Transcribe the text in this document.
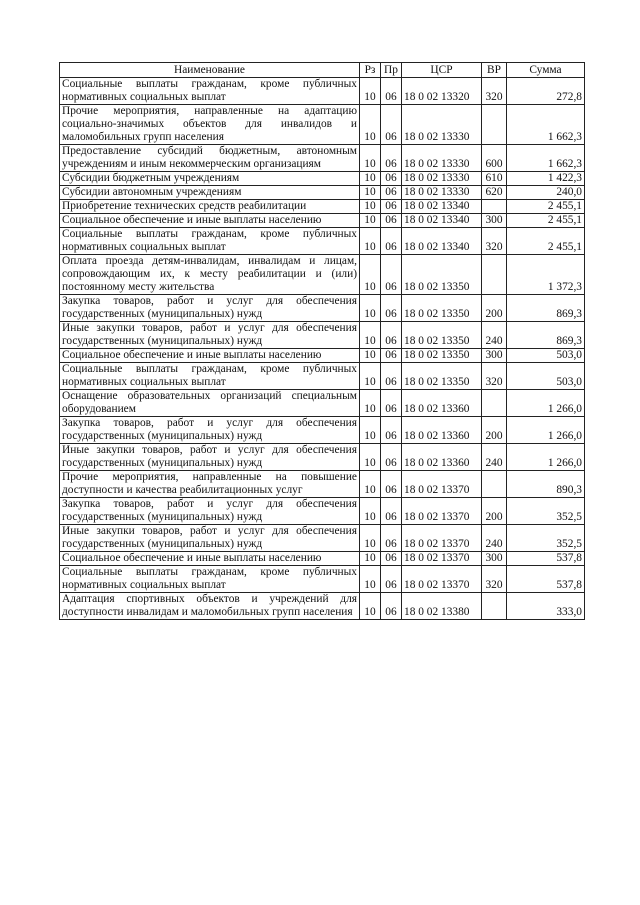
Наименование	Рз	Пр	ЦСР	ВР	Сумма
Социальные выплаты гражданам, кроме публичных нормативных социальных выплат	10	06	18 0 02 13320	320	272,8
Прочие мероприятия, направленные на адаптацию социально-значимых объектов для инвалидов и маломобильных групп населения	10	06	18 0 02 13330		1 662,3
Предоставление субсидий бюджетным, автономным учреждениям и иным некоммерческим организациям	10	06	18 0 02 13330	600	1 662,3
Субсидии бюджетным учреждениям	10	06	18 0 02 13330	610	1 422,3
Субсидии автономным учреждениям	10	06	18 0 02 13330	620	240,0
Приобретение технических средств реабилитации	10	06	18 0 02 13340		2 455,1
Социальное обеспечение и иные выплаты населению	10	06	18 0 02 13340	300	2 455,1
Социальные выплаты гражданам, кроме публичных нормативных социальных выплат	10	06	18 0 02 13340	320	2 455,1
Оплата проезда детям-инвалидам, инвалидам и лицам, сопровождающим их, к месту реабилитации и (или) постоянному месту жительства	10	06	18 0 02 13350		1 372,3
Закупка товаров, работ и услуг для обеспечения государственных (муниципальных) нужд	10	06	18 0 02 13350	200	869,3
Иные закупки товаров, работ и услуг для обеспечения государственных (муниципальных) нужд	10	06	18 0 02 13350	240	869,3
Социальное обеспечение и иные выплаты населению	10	06	18 0 02 13350	300	503,0
Социальные выплаты гражданам, кроме публичных нормативных социальных выплат	10	06	18 0 02 13350	320	503,0
Оснащение образовательных организаций специальным оборудованием	10	06	18 0 02 13360		1 266,0
Закупка товаров, работ и услуг для обеспечения государственных (муниципальных) нужд	10	06	18 0 02 13360	200	1 266,0
Иные закупки товаров, работ и услуг для обеспечения государственных (муниципальных) нужд	10	06	18 0 02 13360	240	1 266,0
Прочие мероприятия, направленные на повышение доступности и качества реабилитационных услуг	10	06	18 0 02 13370		890,3
Закупка товаров, работ и услуг для обеспечения государственных (муниципальных) нужд	10	06	18 0 02 13370	200	352,5
Иные закупки товаров, работ и услуг для обеспечения государственных (муниципальных) нужд	10	06	18 0 02 13370	240	352,5
Социальное обеспечение и иные выплаты населению	10	06	18 0 02 13370	300	537,8
Социальные выплаты гражданам, кроме публичных нормативных социальных выплат	10	06	18 0 02 13370	320	537,8
Адаптация спортивных объектов и учреждений для доступности инвалидам и маломобильных групп населения	10	06	18 0 02 13380		333,0
